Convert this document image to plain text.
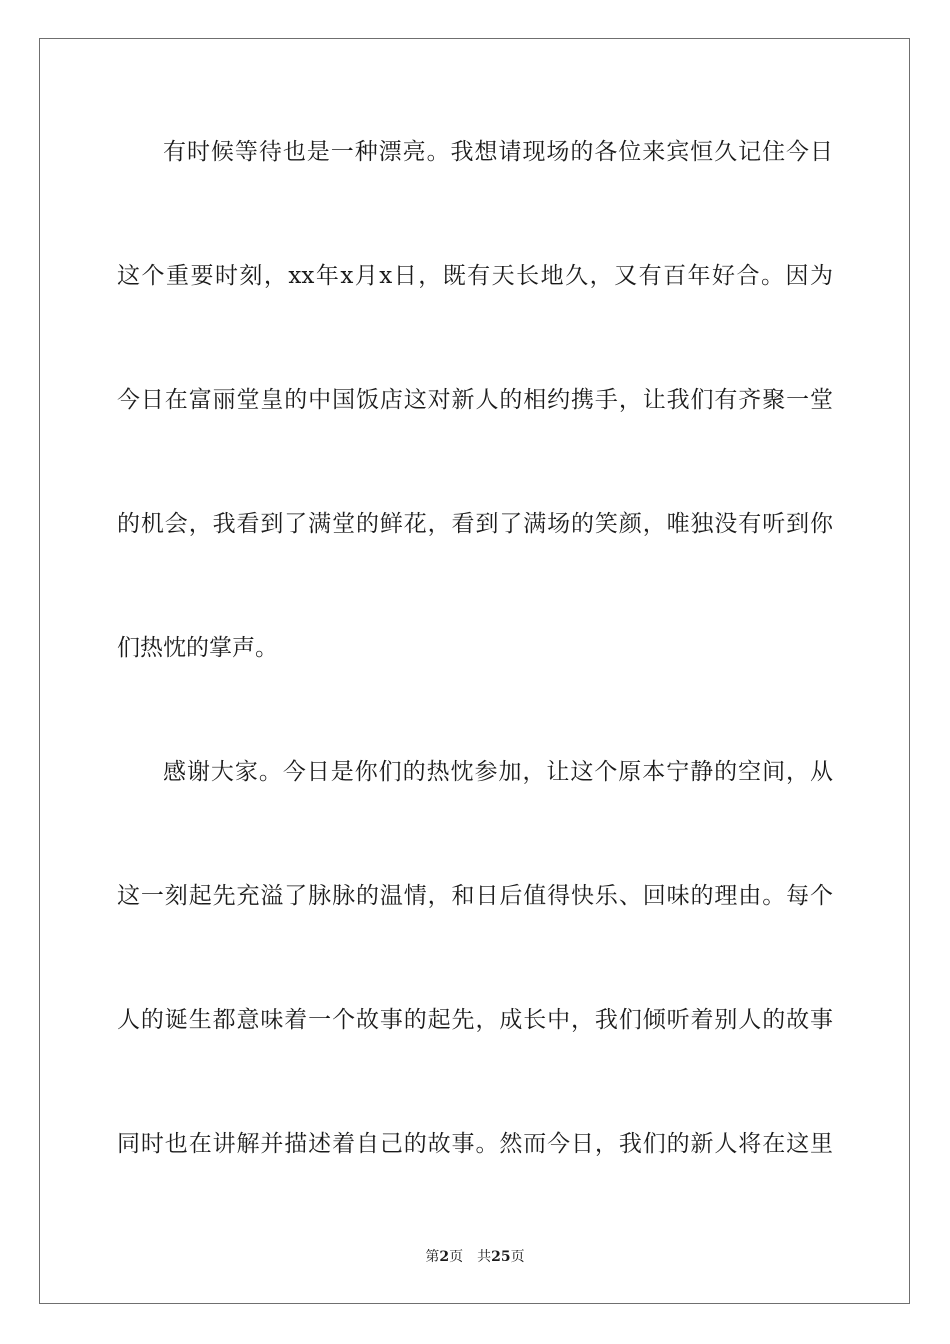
有时候等待也是一种漂亮。我想请现场的各位来宾恒久记住今日
这个重要时刻，xx年x月x日，既有天长地久，又有百年好合。因为
今日在富丽堂皇的中国饭店这对新人的相约携手，让我们有齐聚一堂
的机会，我看到了满堂的鲜花，看到了满场的笑颜，唯独没有听到你
们热忱的掌声。
感谢大家。今日是你们的热忱参加，让这个原本宁静的空间，从
这一刻起先充溢了脉脉的温情，和日后值得快乐、回味的理由。每个
人的诞生都意味着一个故事的起先，成长中，我们倾听着别人的故事
同时也在讲解并描述着自己的故事。然而今日，我们的新人将在这里
第2页 共25页
